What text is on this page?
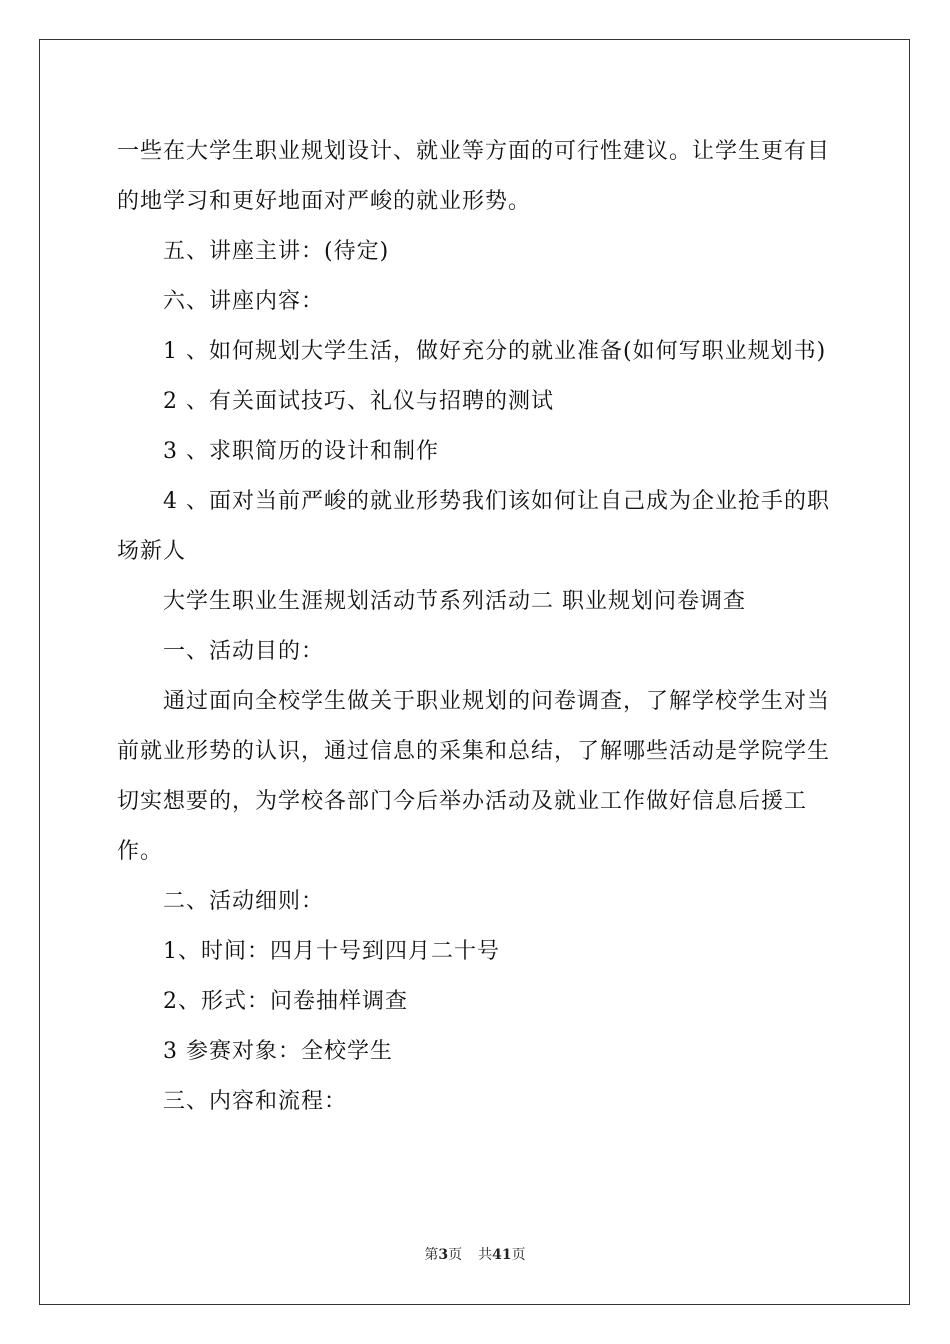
一些在大学生职业规划设计、就业等方面的可行性建议。让学生更有目的地学习和更好地面对严峻的就业形势。

五、讲座主讲：(待定)

六、讲座内容：

1 、如何规划大学生活，做好充分的就业准备(如何写职业规划书)

2 、有关面试技巧、礼仪与招聘的测试

3 、求职简历的设计和制作

4 、面对当前严峻的就业形势我们该如何让自己成为企业抢手的职场新人

大学生职业生涯规划活动节系列活动二 职业规划问卷调查

一、活动目的：

通过面向全校学生做关于职业规划的问卷调查，了解学校学生对当前就业形势的认识，通过信息的采集和总结，了解哪些活动是学院学生切实想要的，为学校各部门今后举办活动及就业工作做好信息后援工作。

二、活动细则：

1、时间：四月十号到四月二十号

2、形式：问卷抽样调查

3 参赛对象：全校学生

三、内容和流程：

第3页 共41页
